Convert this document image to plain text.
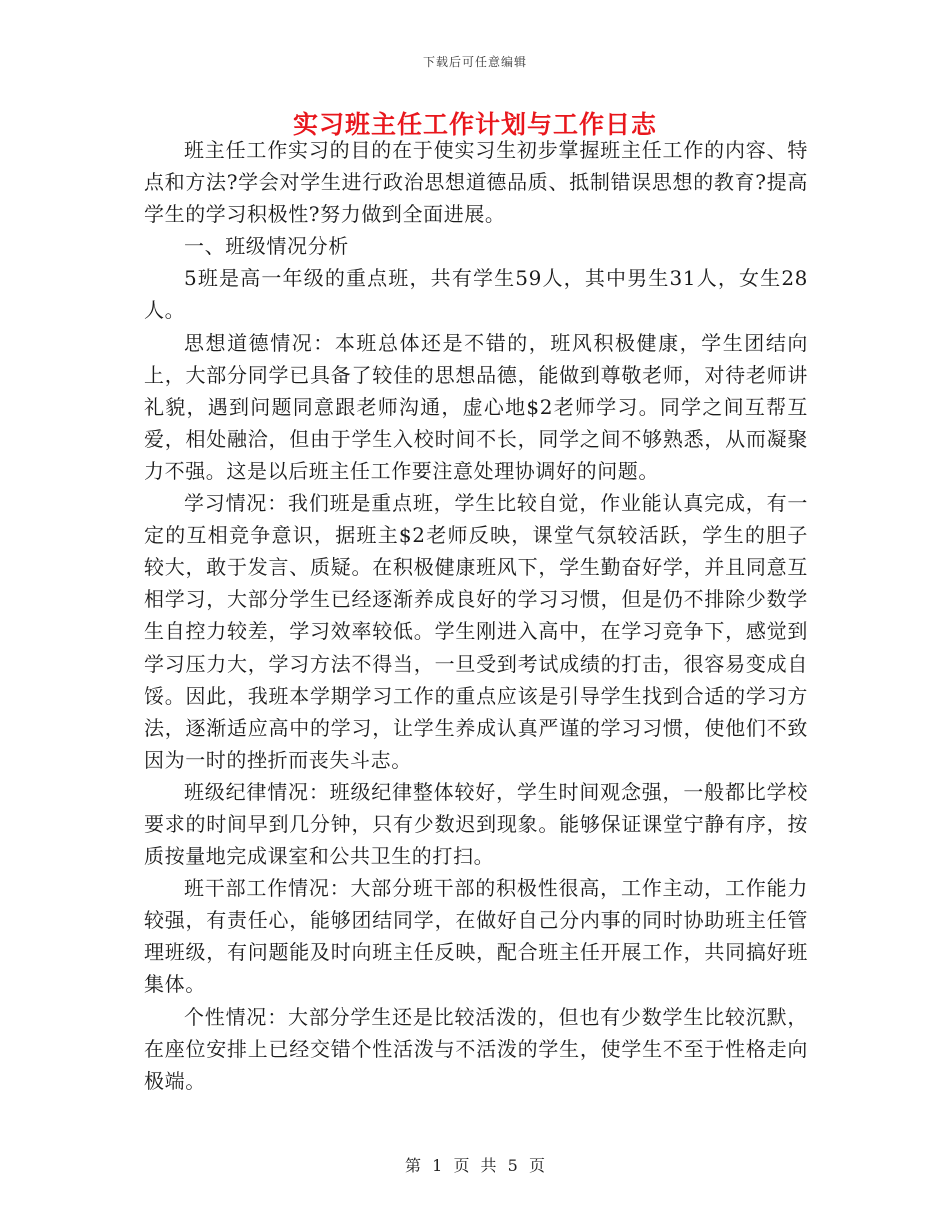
下载后可任意编辑
实习班主任工作计划与工作日志

班主任工作实习的目的在于使实习生初步掌握班主任工作的内容、特点和方法?学会对学生进行政治思想道德品质、抵制错误思想的教育?提高学生的学习积极性?努力做到全面进展。

一、班级情况分析

5班是高一年级的重点班，共有学生59人，其中男生31人，女生28人。

思想道德情况：本班总体还是不错的，班风积极健康，学生团结向上，大部分同学已具备了较佳的思想品德，能做到尊敬老师，对待老师讲礼貌，遇到问题同意跟老师沟通，虚心地$2老师学习。同学之间互帮互爱，相处融洽，但由于学生入校时间不长，同学之间不够熟悉，从而凝聚力不强。这是以后班主任工作要注意处理协调好的问题。

学习情况：我们班是重点班，学生比较自觉，作业能认真完成，有一定的互相竞争意识，据班主$2老师反映，课堂气氛较活跃，学生的胆子较大，敢于发言、质疑。在积极健康班风下，学生勤奋好学，并且同意互相学习，大部分学生已经逐渐养成良好的学习习惯，但是仍不排除少数学生自控力较差，学习效率较低。学生刚进入高中，在学习竞争下，感觉到学习压力大，学习方法不得当，一旦受到考试成绩的打击，很容易变成自馁。因此，我班本学期学习工作的重点应该是引导学生找到合适的学习方法，逐渐适应高中的学习，让学生养成认真严谨的学习习惯，使他们不致因为一时的挫折而丧失斗志。

班级纪律情况：班级纪律整体较好，学生时间观念强，一般都比学校要求的时间早到几分钟，只有少数迟到现象。能够保证课堂宁静有序，按质按量地完成课室和公共卫生的打扫。

班干部工作情况：大部分班干部的积极性很高，工作主动，工作能力较强，有责任心，能够团结同学，在做好自己分内事的同时协助班主任管理班级，有问题能及时向班主任反映，配合班主任开展工作，共同搞好班集体。

个性情况：大部分学生还是比较活泼的，但也有少数学生比较沉默，在座位安排上已经交错个性活泼与不活泼的学生，使学生不至于性格走向极端。

第 1 页 共 5 页
